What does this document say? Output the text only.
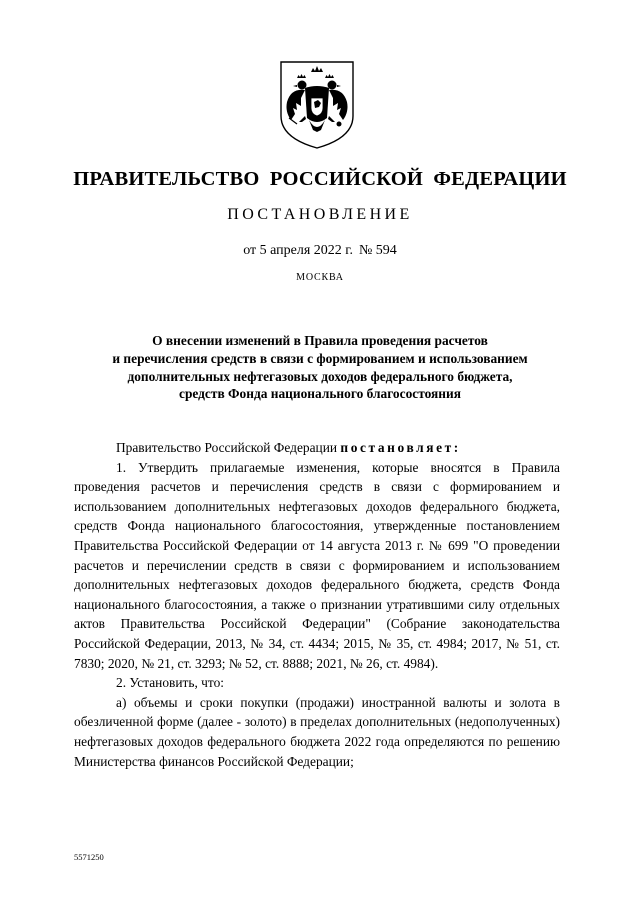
ПРАВИТЕЛЬСТВО РОССИЙСКОЙ ФЕДЕРАЦИИ
ПОСТАНОВЛЕНИЕ
от 5 апреля 2022 г. № 594
МОСКВА
О внесении изменений в Правила проведения расчетов
и перечисления средств в связи с формированием и использованием
дополнительных нефтегазовых доходов федерального бюджета,
средств Фонда национального благосостояния

Правительство Российской Федерации постановляет:

1. Утвердить прилагаемые изменения, которые вносятся в Правила проведения расчетов и перечисления средств в связи с формированием и использованием дополнительных нефтегазовых доходов федерального бюджета, средств Фонда национального благосостояния, утвержденные постановлением Правительства Российской Федерации от 14 августа 2013 г. № 699 "О проведении расчетов и перечислении средств в связи с формированием и использованием дополнительных нефтегазовых доходов федерального бюджета, средств Фонда национального благосостояния, а также о признании утратившими силу отдельных актов Правительства Российской Федерации" (Собрание законодательства Российской Федерации, 2013, № 34, ст. 4434; 2015, № 35, ст. 4984; 2017, № 51, ст. 7830; 2020, № 21, ст. 3293; № 52, ст. 8888; 2021, № 26, ст. 4984).

2. Установить, что:

а) объемы и сроки покупки (продажи) иностранной валюты и золота в обезличенной форме (далее - золото) в пределах дополнительных (недополученных) нефтегазовых доходов федерального бюджета 2022 года определяются по решению Министерства финансов Российской Федерации;

5571250
